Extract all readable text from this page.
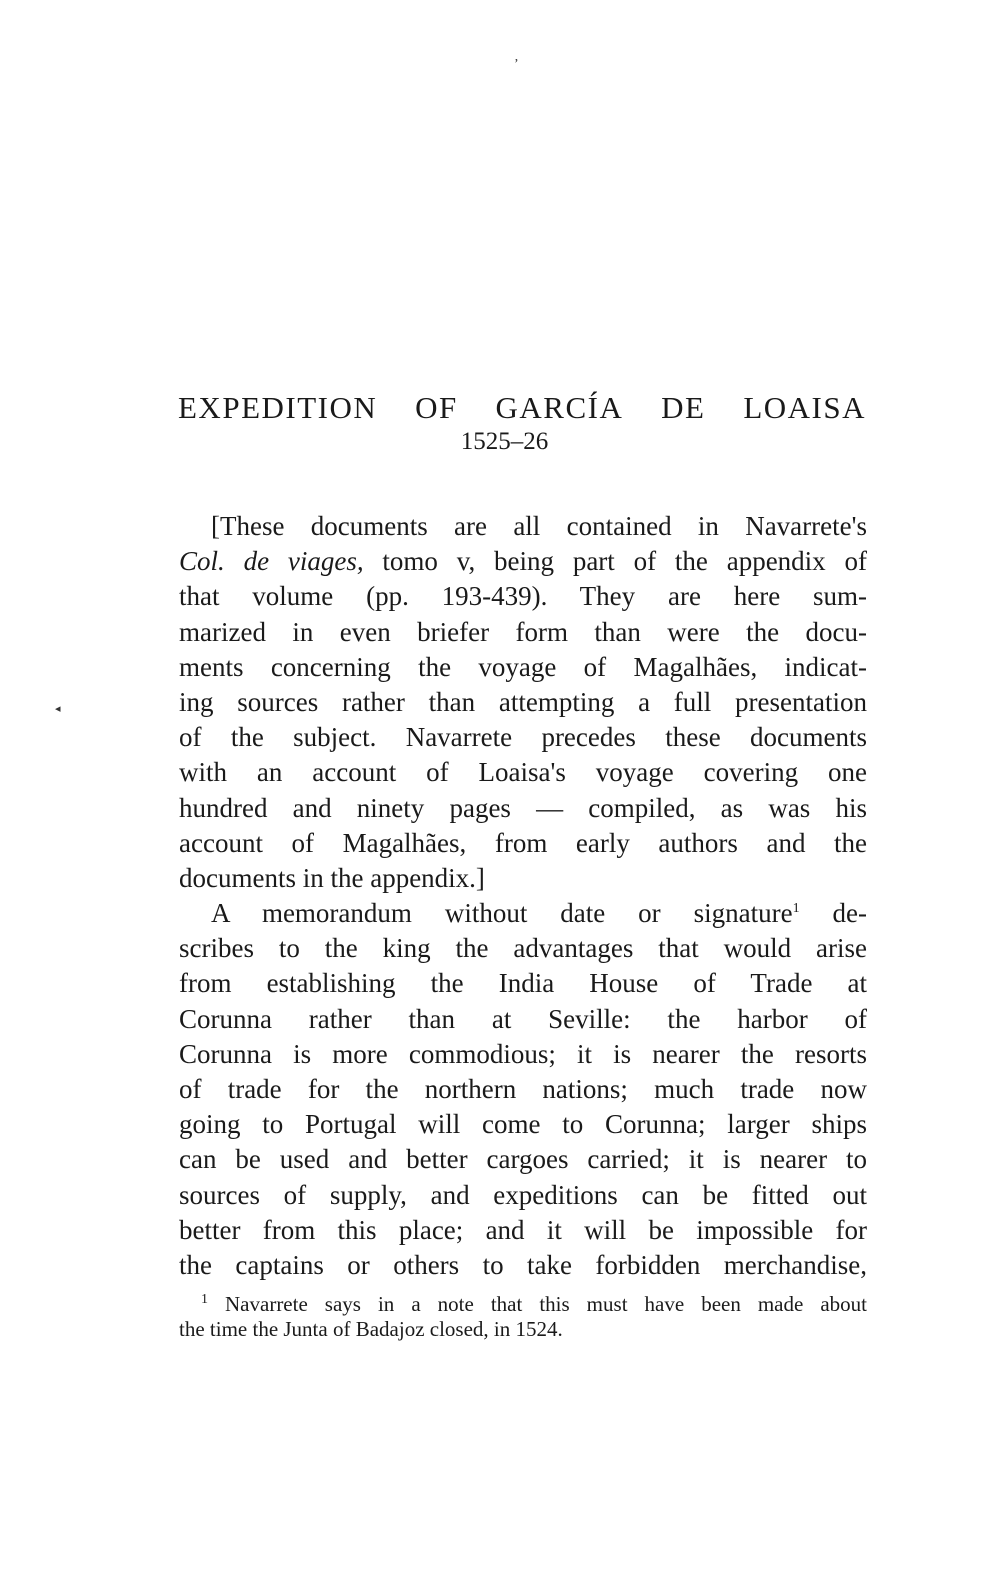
ʼ
◂
EXPEDITION OF GARCÍA DE LOAISA
1525–26
[These documents are all contained in Navarrete's
Col. de viages, tomo v, being part of the appendix of
that volume (pp. 193-439). They are here sum-
marized in even briefer form than were the docu-
ments concerning the voyage of Magalhães, indicat-
ing sources rather than attempting a full presentation
of the subject. Navarrete precedes these documents
with an account of Loaisa's voyage covering one
hundred and ninety pages — compiled, as was his
account of Magalhães, from early authors and the
documents in the appendix.]
A memorandum without date or signature$^1$ de-
scribes to the king the advantages that would arise
from establishing the India House of Trade at
Corunna rather than at Seville: the harbor of
Corunna is more commodious; it is nearer the resorts
of trade for the northern nations; much trade now
going to Portugal will come to Corunna; larger ships
can be used and better cargoes carried; it is nearer to
sources of supply, and expeditions can be fitted out
better from this place; and it will be impossible for
the captains or others to take forbidden merchandise,
$^1$ Navarrete says in a note that this must have been made about
the time the Junta of Badajoz closed, in 1524.
